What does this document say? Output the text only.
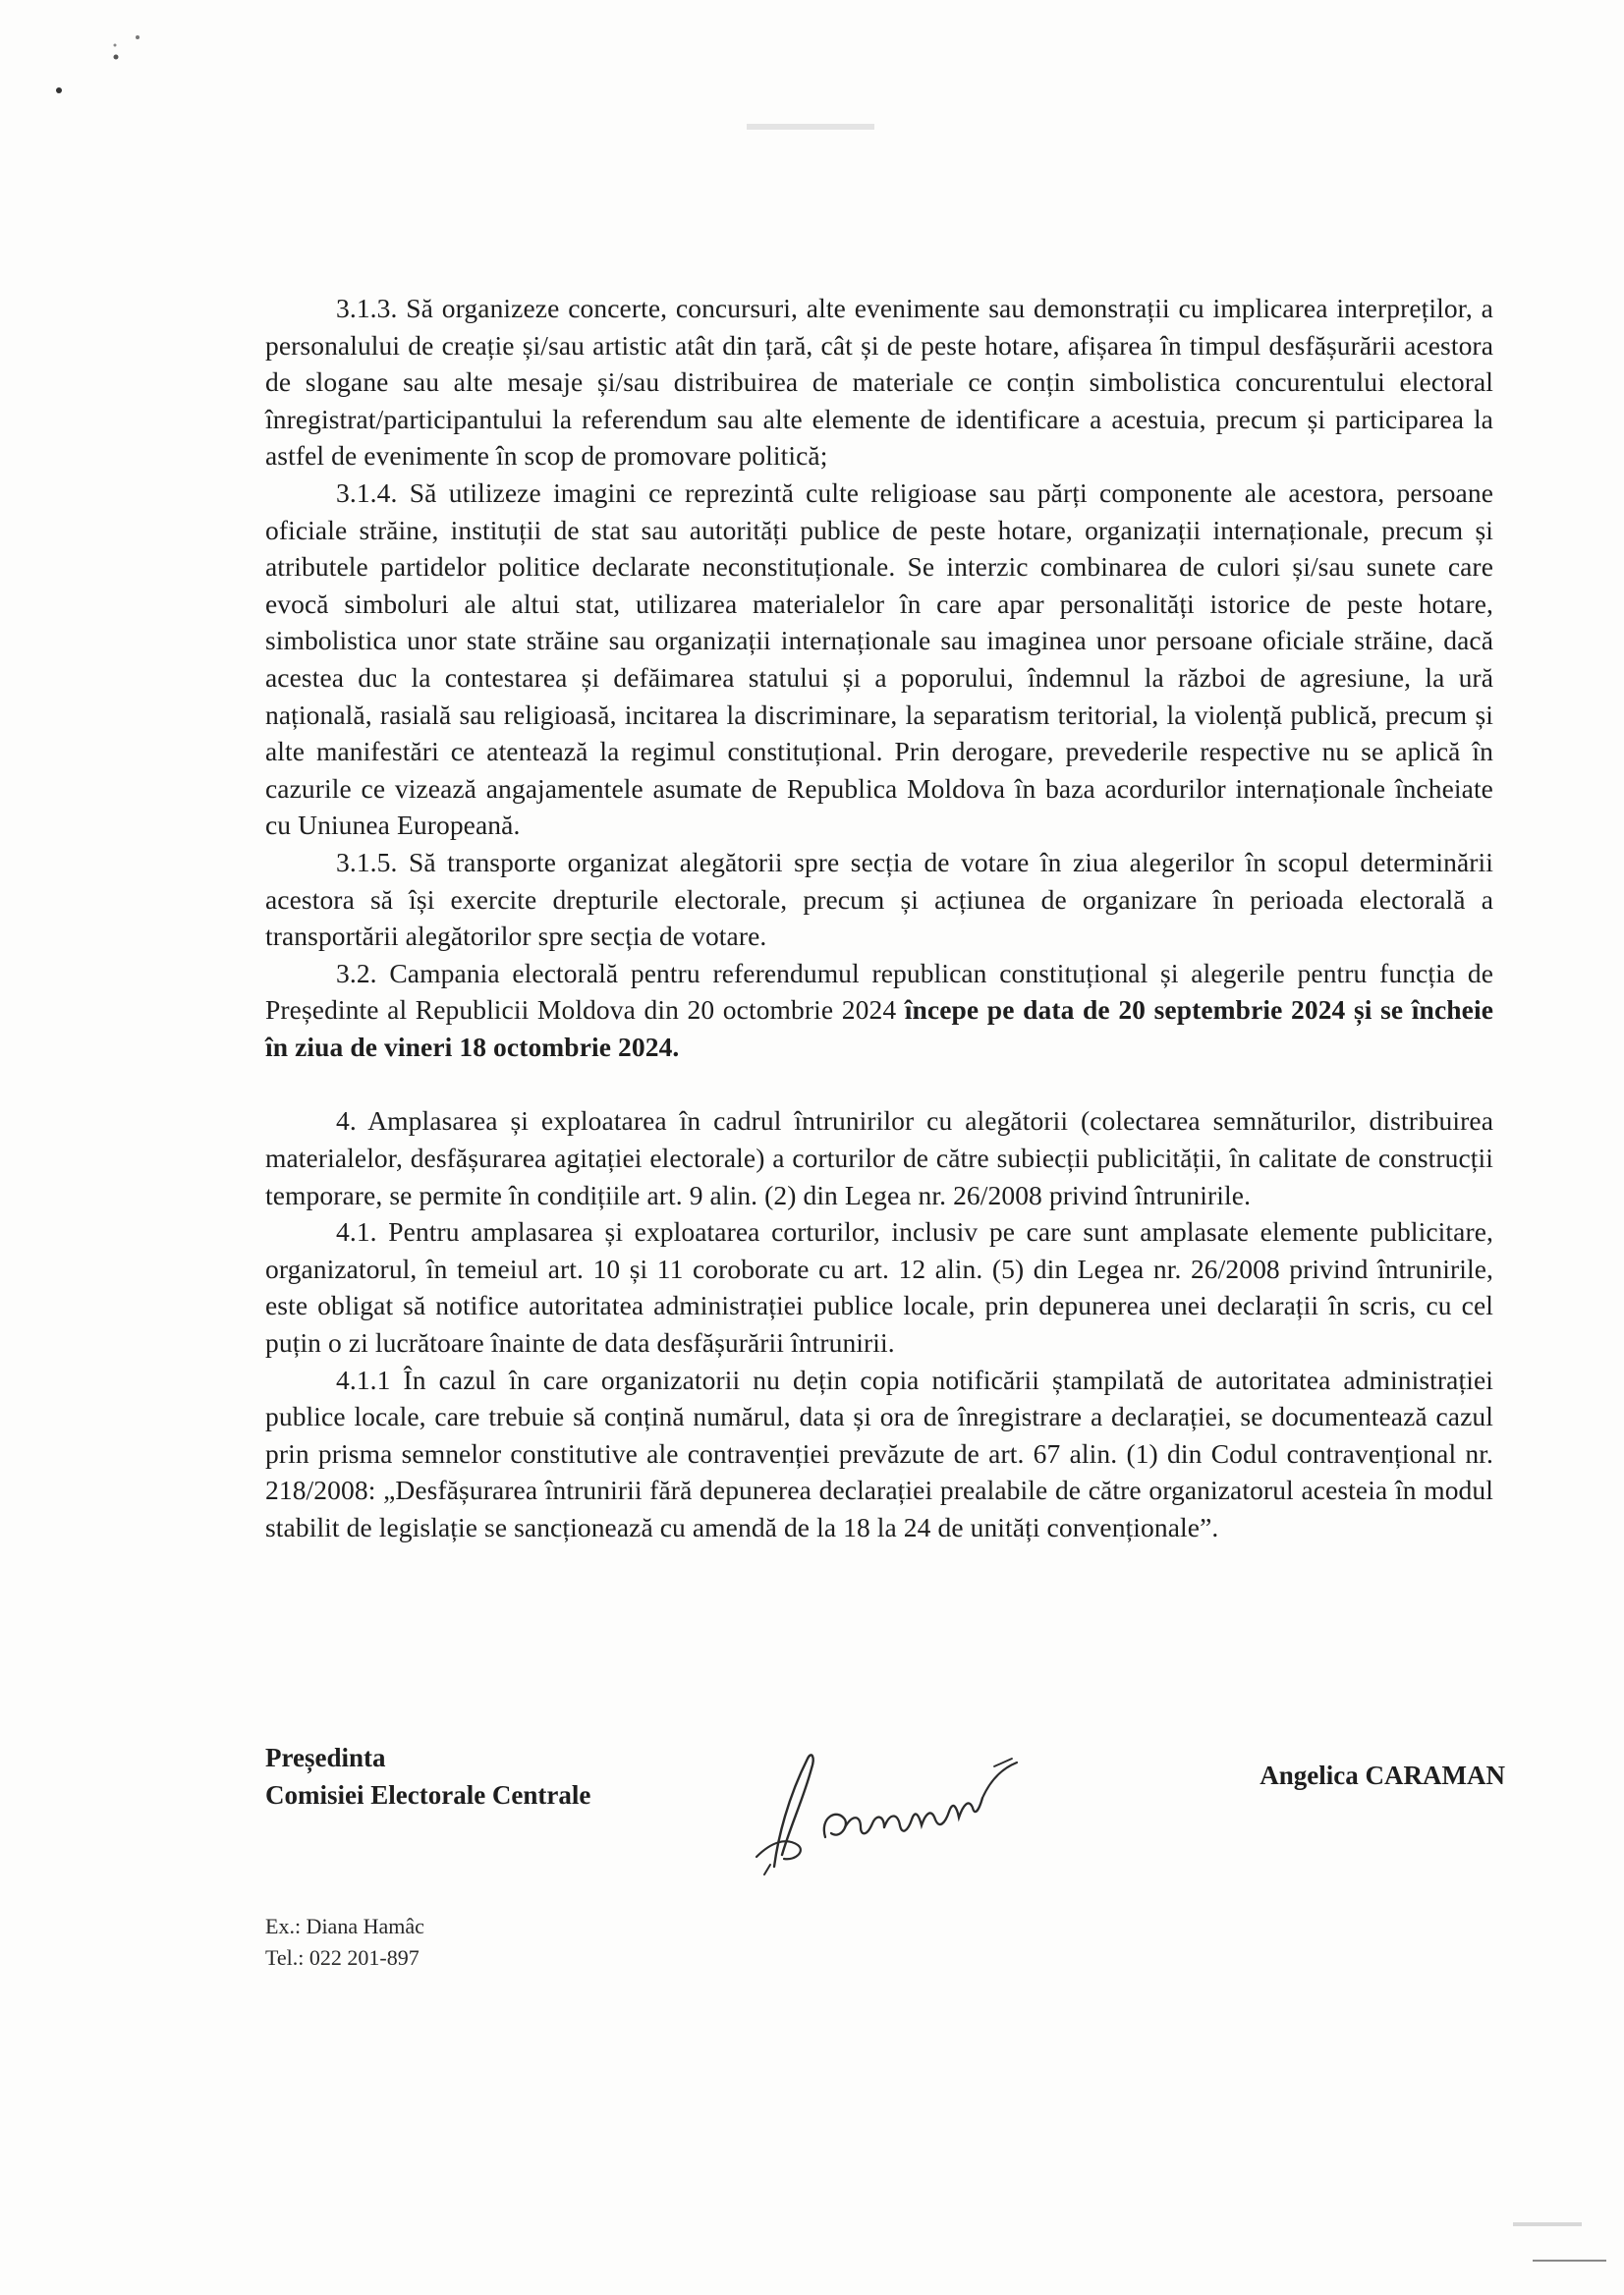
3.1.3. Să organizeze concerte, concursuri, alte evenimente sau demonstrații cu implicarea interpreților, a personalului de creație și/sau artistic atât din țară, cât și de peste hotare, afișarea în timpul desfășurării acestora de slogane sau alte mesaje și/sau distribuirea de materiale ce conțin simbolistica concurentului electoral înregistrat/participantului la referendum sau alte elemente de identificare a acestuia, precum și participarea la astfel de evenimente în scop de promovare politică;

3.1.4. Să utilizeze imagini ce reprezintă culte religioase sau părți componente ale acestora, persoane oficiale străine, instituții de stat sau autorități publice de peste hotare, organizații internaționale, precum și atributele partidelor politice declarate neconstituționale. Se interzic combinarea de culori și/sau sunete care evocă simboluri ale altui stat, utilizarea materialelor în care apar personalități istorice de peste hotare, simbolistica unor state străine sau organizații internaționale sau imaginea unor persoane oficiale străine, dacă acestea duc la contestarea și defăimarea statului și a poporului, îndemnul la război de agresiune, la ură națională, rasială sau religioasă, incitarea la discriminare, la separatism teritorial, la violență publică, precum și alte manifestări ce atentează la regimul constituțional. Prin derogare, prevederile respective nu se aplică în cazurile ce vizează angajamentele asumate de Republica Moldova în baza acordurilor internaționale încheiate cu Uniunea Europeană.

3.1.5. Să transporte organizat alegătorii spre secția de votare în ziua alegerilor în scopul determinării acestora să își exercite drepturile electorale, precum și acțiunea de organizare în perioada electorală a transportării alegătorilor spre secția de votare.

3.2. Campania electorală pentru referendumul republican constituțional și alegerile pentru funcția de Președinte al Republicii Moldova din 20 octombrie 2024 începe pe data de 20 septembrie 2024 și se încheie în ziua de vineri 18 octombrie 2024.

4. Amplasarea și exploatarea în cadrul întrunirilor cu alegătorii (colectarea semnăturilor, distribuirea materialelor, desfășurarea agitației electorale) a corturilor de către subiecții publicității, în calitate de construcții temporare, se permite în condițiile art. 9 alin. (2) din Legea nr. 26/2008 privind întrunirile.

4.1. Pentru amplasarea și exploatarea corturilor, inclusiv pe care sunt amplasate elemente publicitare, organizatorul, în temeiul art. 10 și 11 coroborate cu art. 12 alin. (5) din Legea nr. 26/2008 privind întrunirile, este obligat să notifice autoritatea administrației publice locale, prin depunerea unei declarații în scris, cu cel puțin o zi lucrătoare înainte de data desfășurării întrunirii.

4.1.1 În cazul în care organizatorii nu dețin copia notificării ștampilată de autoritatea administrației publice locale, care trebuie să conțină numărul, data și ora de înregistrare a declarației, se documentează cazul prin prisma semnelor constitutive ale contravenției prevăzute de art. 67 alin. (1) din Codul contravențional nr. 218/2008: „Desfășurarea întrunirii fără depunerea declarației prealabile de către organizatorul acesteia în modul stabilit de legislație se sancționează cu amendă de la 18 la 24 de unități convenționale”.

Președinta
Comisiei Electorale Centrale
Angelica CARAMAN
Ex.: Diana Hamâc
Tel.: 022 201-897
